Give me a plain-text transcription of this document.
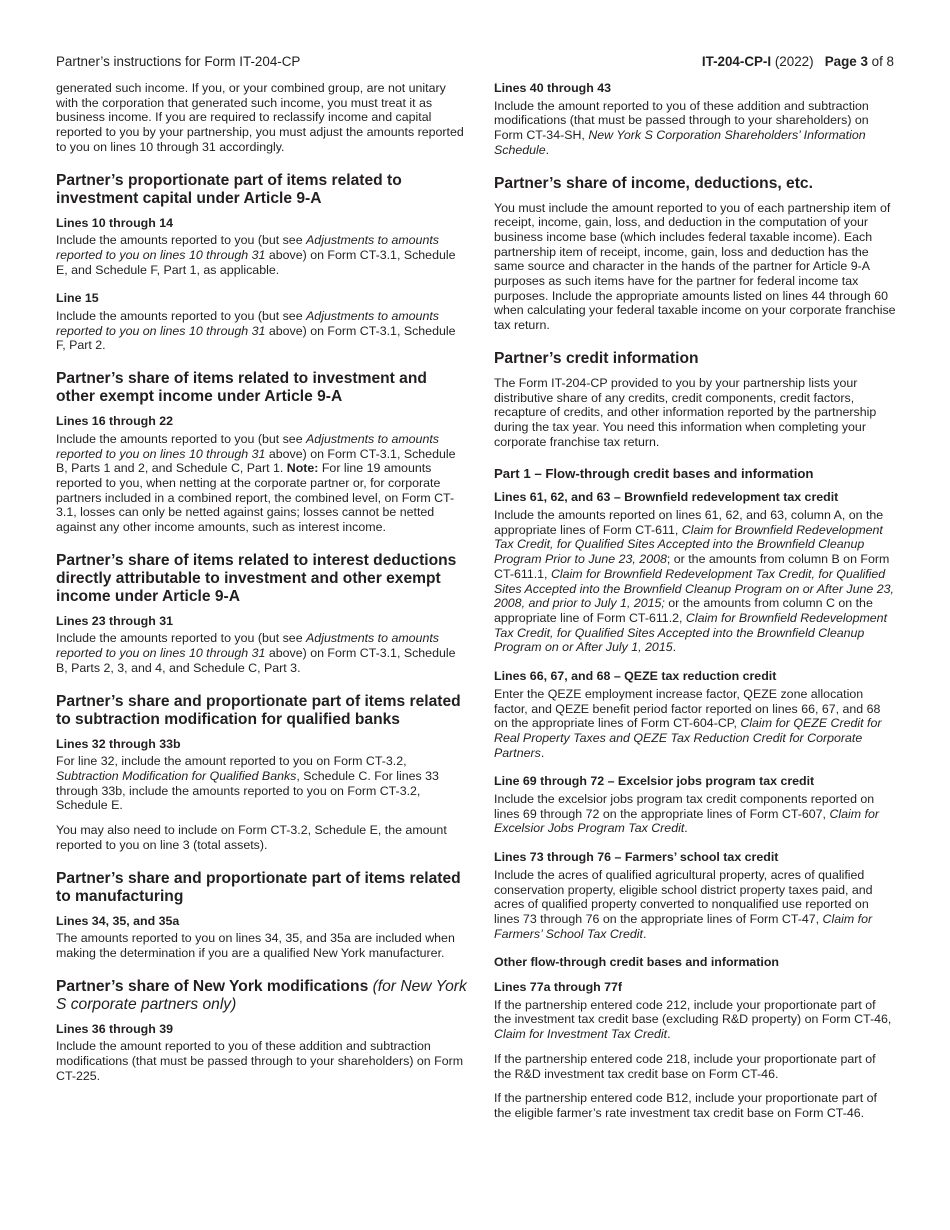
Partner’s instructions for Form IT-204-CP	IT-204-CP-I (2022) Page 3 of 8

generated such income. If you, or your combined group, are not unitary with the corporation that generated such income, you must treat it as business income. If you are required to reclassify income and capital reported to you by your partnership, you must adjust the amounts reported to you on lines 10 through 31 accordingly.

Partner’s proportionate part of items related to investment capital under Article 9-A
Lines 10 through 14

Include the amounts reported to you (but see Adjustments to amounts reported to you on lines 10 through 31 above) on Form CT-3.1, Schedule E, and Schedule F, Part 1, as applicable.

Line 15

Include the amounts reported to you (but see Adjustments to amounts reported to you on lines 10 through 31 above) on Form CT-3.1, Schedule F, Part 2.

Partner’s share of items related to investment and other exempt income under Article 9-A
Lines 16 through 22

Include the amounts reported to you (but see Adjustments to amounts reported to you on lines 10 through 31 above) on Form CT-3.1, Schedule B, Parts 1 and 2, and Schedule C, Part 1. Note: For line 19 amounts reported to you, when netting at the corporate partner or, for corporate partners included in a combined report, the combined level, on Form CT-3.1, losses can only be netted against gains; losses cannot be netted against any other income amounts, such as interest income.

Partner’s share of items related to interest deductions directly attributable to investment and other exempt income under Article 9-A
Lines 23 through 31

Include the amounts reported to you (but see Adjustments to amounts reported to you on lines 10 through 31 above) on Form CT-3.1, Schedule B, Parts 2, 3, and 4, and Schedule C, Part 3.

Partner’s share and proportionate part of items related to subtraction modification for qualified banks
Lines 32 through 33b

For line 32, include the amount reported to you on Form CT-3.2, Subtraction Modification for Qualified Banks, Schedule C. For lines 33 through 33b, include the amounts reported to you on Form CT-3.2, Schedule E.

You may also need to include on Form CT-3.2, Schedule E, the amount reported to you on line 3 (total assets).

Partner’s share and proportionate part of items related to manufacturing
Lines 34, 35, and 35a

The amounts reported to you on lines 34, 35, and 35a are included when making the determination if you are a qualified New York manufacturer.

Partner’s share of New York modifications (for New York S corporate partners only)
Lines 36 through 39

Include the amount reported to you of these addition and subtraction modifications (that must be passed through to your shareholders) on Form CT-225.

Lines 40 through 43

Include the amount reported to you of these addition and subtraction modifications (that must be passed through to your shareholders) on Form CT-34-SH, New York S Corporation Shareholders’ Information Schedule.

Partner’s share of income, deductions, etc.

You must include the amount reported to you of each partnership item of receipt, income, gain, loss, and deduction in the computation of your business income base (which includes federal taxable income). Each partnership item of receipt, income, gain, loss and deduction has the same source and character in the hands of the partner for Article 9-A purposes as such items have for the partner for federal income tax purposes. Include the appropriate amounts listed on lines 44 through 60 when calculating your federal taxable income on your corporate franchise tax return.

Partner’s credit information

The Form IT-204-CP provided to you by your partnership lists your distributive share of any credits, credit components, credit factors, recapture of credits, and other information reported by the partnership during the tax year. You need this information when completing your corporate franchise tax return.

Part 1 – Flow-through credit bases and information
Lines 61, 62, and 63 – Brownfield redevelopment tax credit

Include the amounts reported on lines 61, 62, and 63, column A, on the appropriate lines of Form CT-611, Claim for Brownfield Redevelopment Tax Credit, for Qualified Sites Accepted into the Brownfield Cleanup Program Prior to June 23, 2008; or the amounts from column B on Form CT-611.1, Claim for Brownfield Redevelopment Tax Credit, for Qualified Sites Accepted into the Brownfield Cleanup Program on or After June 23, 2008, and prior to July 1, 2015; or the amounts from column C on the appropriate line of Form CT-611.2, Claim for Brownfield Redevelopment Tax Credit, for Qualified Sites Accepted into the Brownfield Cleanup Program on or After July 1, 2015.

Lines 66, 67, and 68 – QEZE tax reduction credit

Enter the QEZE employment increase factor, QEZE zone allocation factor, and QEZE benefit period factor reported on lines 66, 67, and 68 on the appropriate lines of Form CT-604-CP, Claim for QEZE Credit for Real Property Taxes and QEZE Tax Reduction Credit for Corporate Partners.

Line 69 through 72 – Excelsior jobs program tax credit

Include the excelsior jobs program tax credit components reported on lines 69 through 72 on the appropriate lines of Form CT-607, Claim for Excelsior Jobs Program Tax Credit.

Lines 73 through 76 – Farmers’ school tax credit

Include the acres of qualified agricultural property, acres of qualified conservation property, eligible school district property taxes paid, and acres of qualified property converted to nonqualified use reported on lines 73 through 76 on the appropriate lines of Form CT-47, Claim for Farmers’ School Tax Credit.

Other flow-through credit bases and information
Lines 77a through 77f

If the partnership entered code 212, include your proportionate part of the investment tax credit base (excluding R&D property) on Form CT-46, Claim for Investment Tax Credit.

If the partnership entered code 218, include your proportionate part of the R&D investment tax credit base on Form CT-46.

If the partnership entered code B12, include your proportionate part of the eligible farmer’s rate investment tax credit base on Form CT-46.
